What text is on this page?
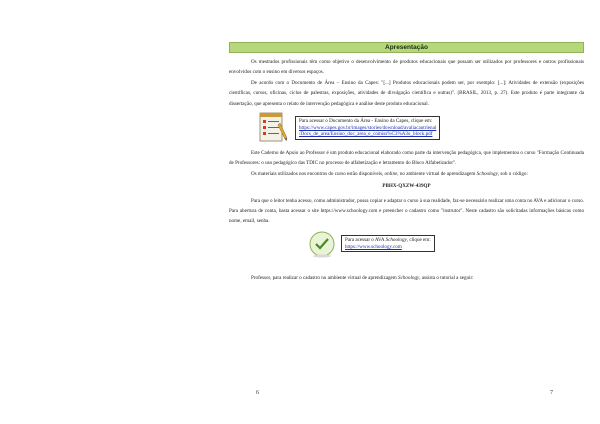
6	7
Apresentação

Os mestrados profissionais têm como objetivo o desenvolvimento de produtos educacionais que possam ser utilizados por professores e outros profissionais envolvidos com o ensino em diversos espaços.

De acordo com o Documento de Área – Ensino da Capes: "[...] Produtos educacionais podem ser, por exemplo: [...]; Atividades de extensão (exposições científicas, cursos, oficinas, ciclos de palestras, exposições, atividades de divulgação científica e outras)". (BRASIL, 2013, p. 27). Este produto é parte integrante da dissertação, que apresenta o relato de intervenção pedagógica e análise deste produto educacional.

Para acessar o Documento da Área - Ensino da Capes, clique em:
https://www.capes.gov.br/images/stories/download/avaliacaotrienal
/Docs_de_area/Ensino_doc_area_e_comiss%C3%A3o_block.pdf

Este Caderno de Apoio ao Professor é um produto educacional elaborado como parte da intervenção pedagógica, que implementou o curso "Formação Continuada de Professores: o uso pedagógico das TDIC no processo de alfabetização e letramento do Bloco Alfabetizador".

Os materiais utilizados nos encontros do curso estão disponíveis, online, no ambiente virtual de aprendizagem Schoology, sob o código:

PBHX-QXZW-439QP

Para que o leitor tenha acesso, como administrador, possa copiar e adaptar o curso à sua realidade, faz-se necessário realizar uma conta no AVA e adicionar o curso. Para abertura de conta, basta acessar o site https://www.schoology.com e preencher o cadastro como "instrutor". Neste cadastro são solicitadas informações básicas como nome, email, senha.

Para acessar o AVA Schoology, clique em:
https://www.schoology.com

Professor, para realizar o cadastro no ambiente virtual de aprendizagem Schoology, assista o tutorial a seguir:
